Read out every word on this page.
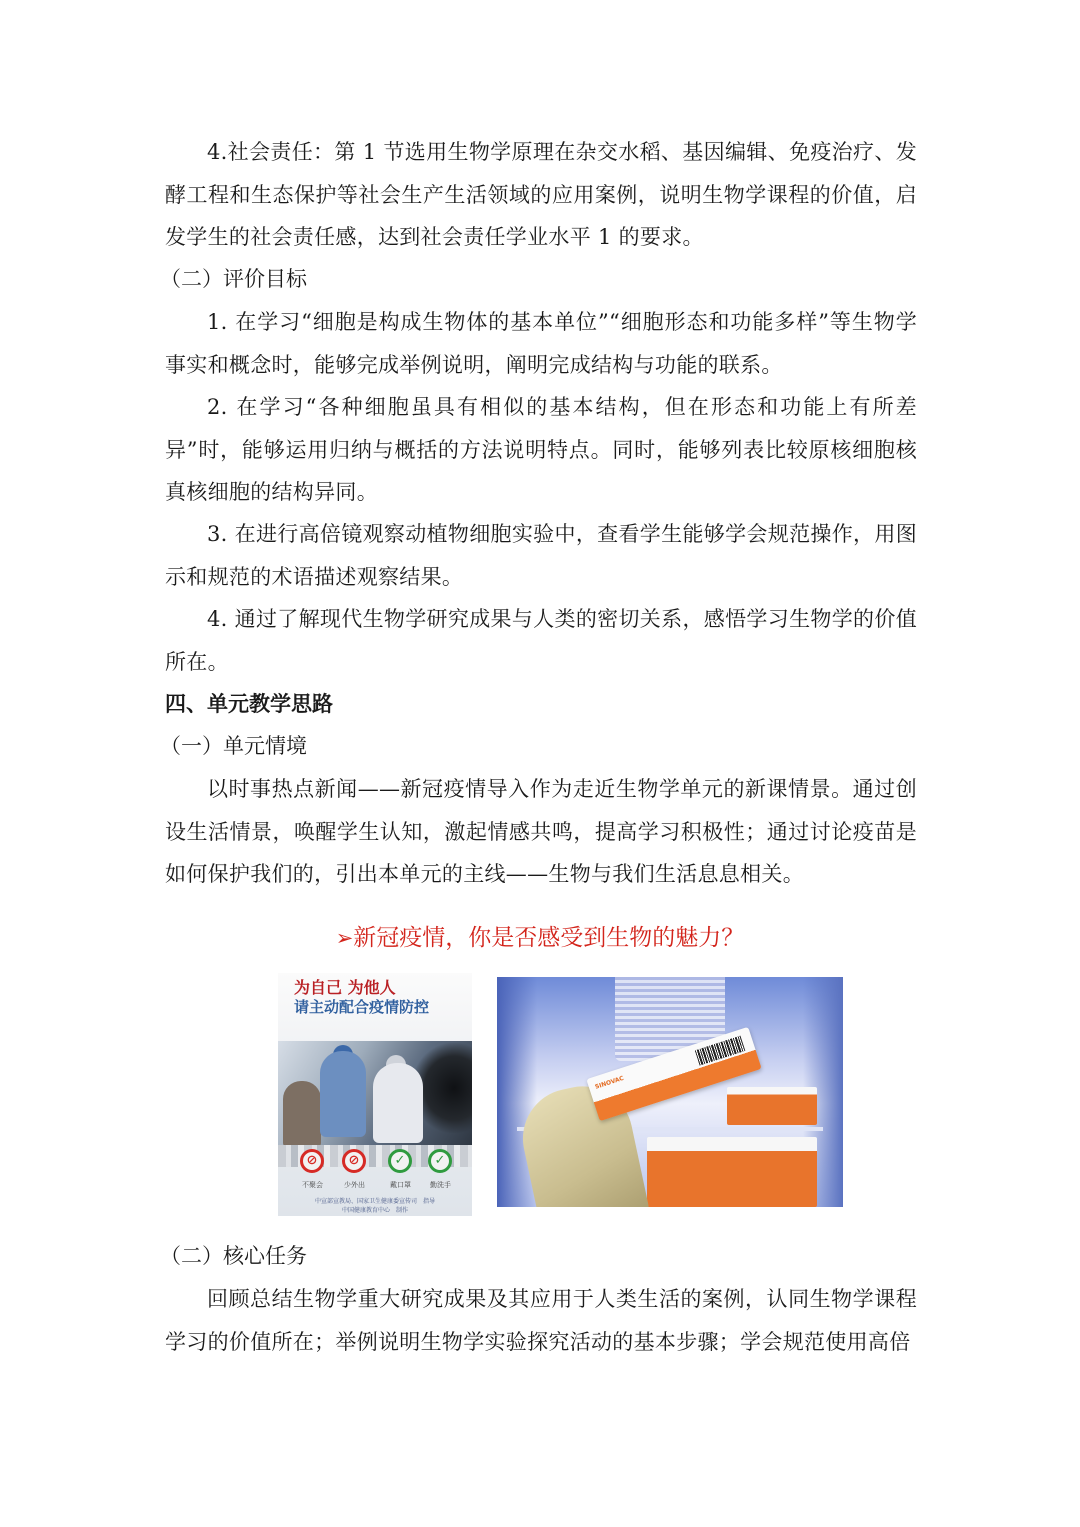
4.社会责任：第 1 节选用生物学原理在杂交水稻、基因编辑、免疫治疗、发酵工程和生态保护等社会生产生活领域的应用案例，说明生物学课程的价值，启发学生的社会责任感，达到社会责任学业水平 1 的要求。

（二）评价目标

1. 在学习“细胞是构成生物体的基本单位”“细胞形态和功能多样”等生物学事实和概念时，能够完成举例说明，阐明完成结构与功能的联系。

2. 在学习“各种细胞虽具有相似的基本结构，但在形态和功能上有所差异”时，能够运用归纳与概括的方法说明特点。同时，能够列表比较原核细胞核真核细胞的结构异同。

3. 在进行高倍镜观察动植物细胞实验中，查看学生能够学会规范操作，用图示和规范的术语描述观察结果。

4. 通过了解现代生物学研究成果与人类的密切关系，感悟学习生物学的价值所在。

四、单元教学思路

（一）单元情境

以时事热点新闻——新冠疫情导入作为走近生物学单元的新课情景。通过创设生活情景，唤醒学生认知，激起情感共鸣，提高学习积极性；通过讨论疫苗是如何保护我们的，引出本单元的主线——生物与我们生活息息相关。

➢新冠疫情，你是否感受到生物的魅力？
为自己 为他人
请主动配合疫情防控
⊘	⊘	✓	✓
不聚会	少外出	戴口罩	勤洗手
中宣部宣教局、国家卫生健康委宣传司　指导
中国健康教育中心　制作
SINOVAC

（二）核心任务

回顾总结生物学重大研究成果及其应用于人类生活的案例，认同生物学课程学习的价值所在；举例说明生物学实验探究活动的基本步骤；学会规范使用高倍
